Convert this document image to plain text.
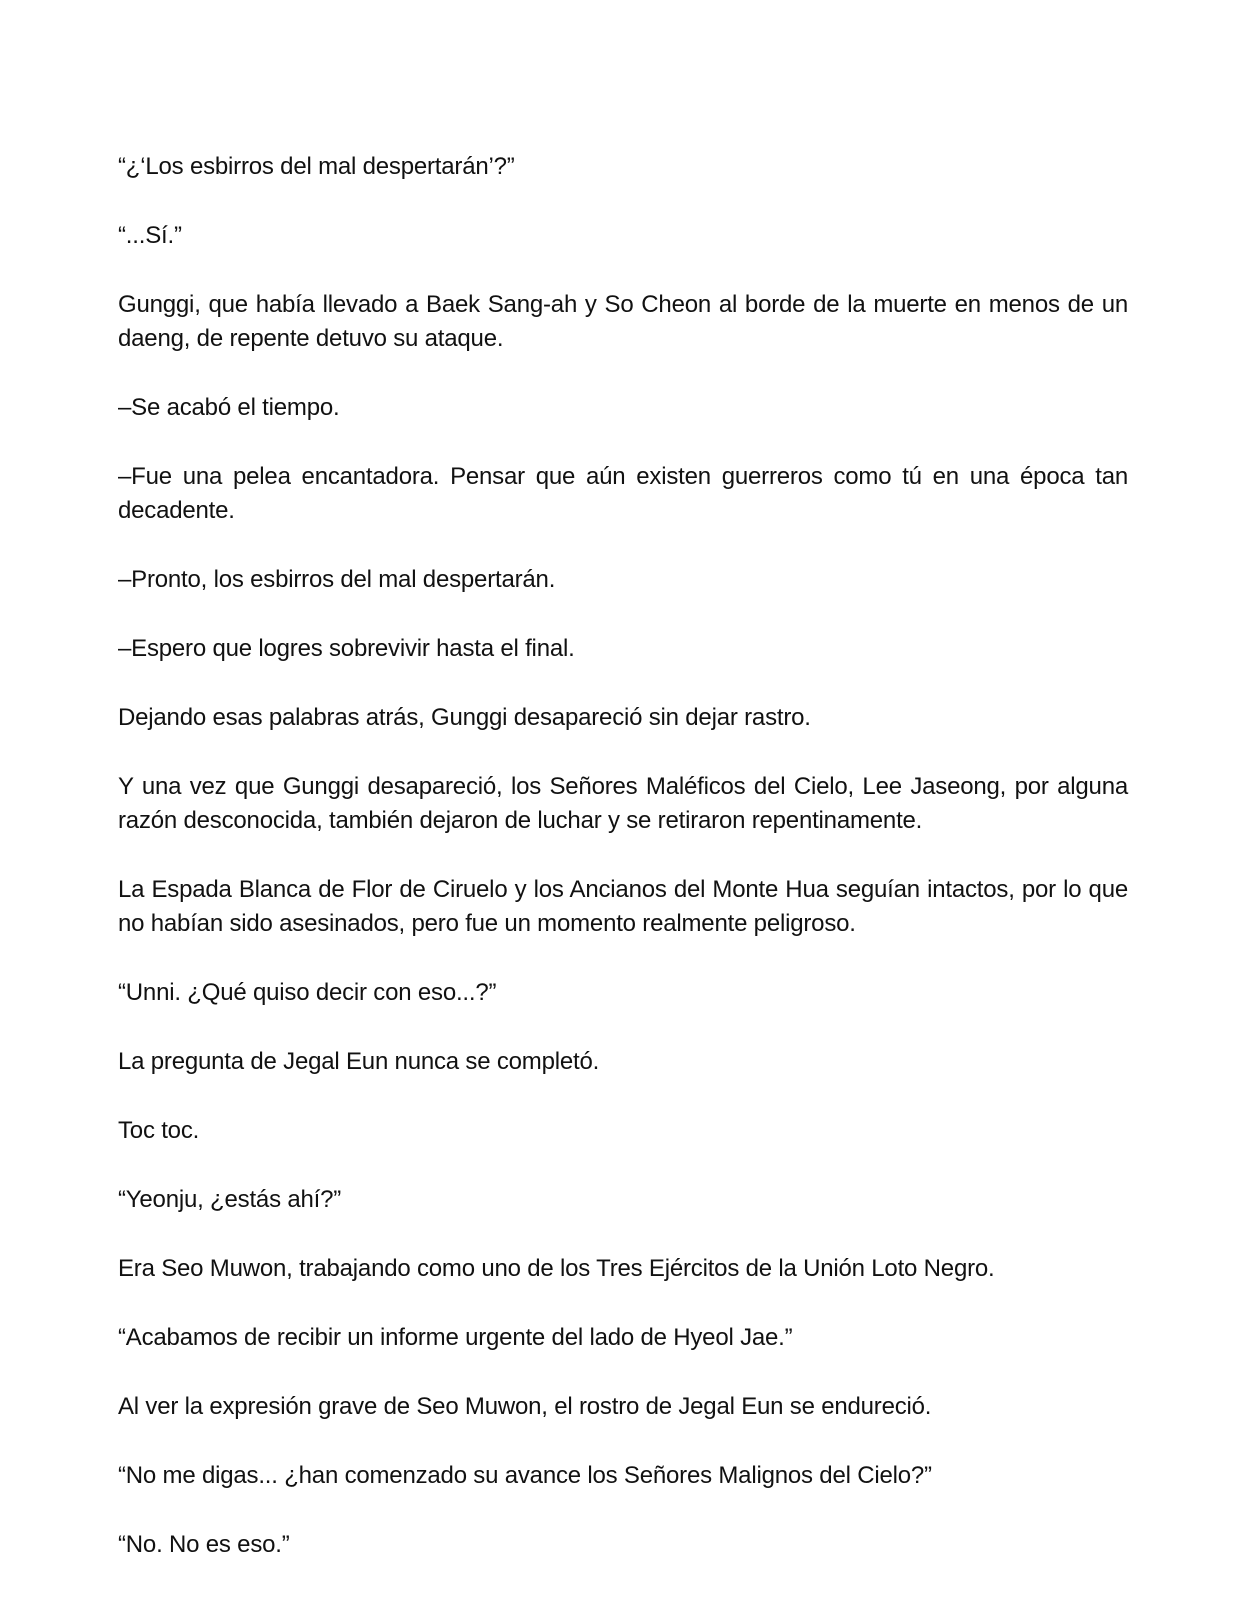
“¿‘Los esbirros del mal despertarán’?”

“...Sí.”

Gunggi, que había llevado a Baek Sang-ah y So Cheon al borde de la muerte en menos de un daeng, de repente detuvo su ataque.

–Se acabó el tiempo.

–Fue una pelea encantadora. Pensar que aún existen guerreros como tú en una época tan decadente.

–Pronto, los esbirros del mal despertarán.

–Espero que logres sobrevivir hasta el final.

Dejando esas palabras atrás, Gunggi desapareció sin dejar rastro.

Y una vez que Gunggi desapareció, los Señores Maléficos del Cielo, Lee Jaseong, por alguna razón desconocida, también dejaron de luchar y se retiraron repentinamente.

La Espada Blanca de Flor de Ciruelo y los Ancianos del Monte Hua seguían intactos, por lo que no habían sido asesinados, pero fue un momento realmente peligroso.

“Unni. ¿Qué quiso decir con eso...?”

La pregunta de Jegal Eun nunca se completó.

Toc toc.

“Yeonju, ¿estás ahí?”

Era Seo Muwon, trabajando como uno de los Tres Ejércitos de la Unión Loto Negro.

“Acabamos de recibir un informe urgente del lado de Hyeol Jae.”

Al ver la expresión grave de Seo Muwon, el rostro de Jegal Eun se endureció.

“No me digas... ¿han comenzado su avance los Señores Malignos del Cielo?”

“No. No es eso.”
